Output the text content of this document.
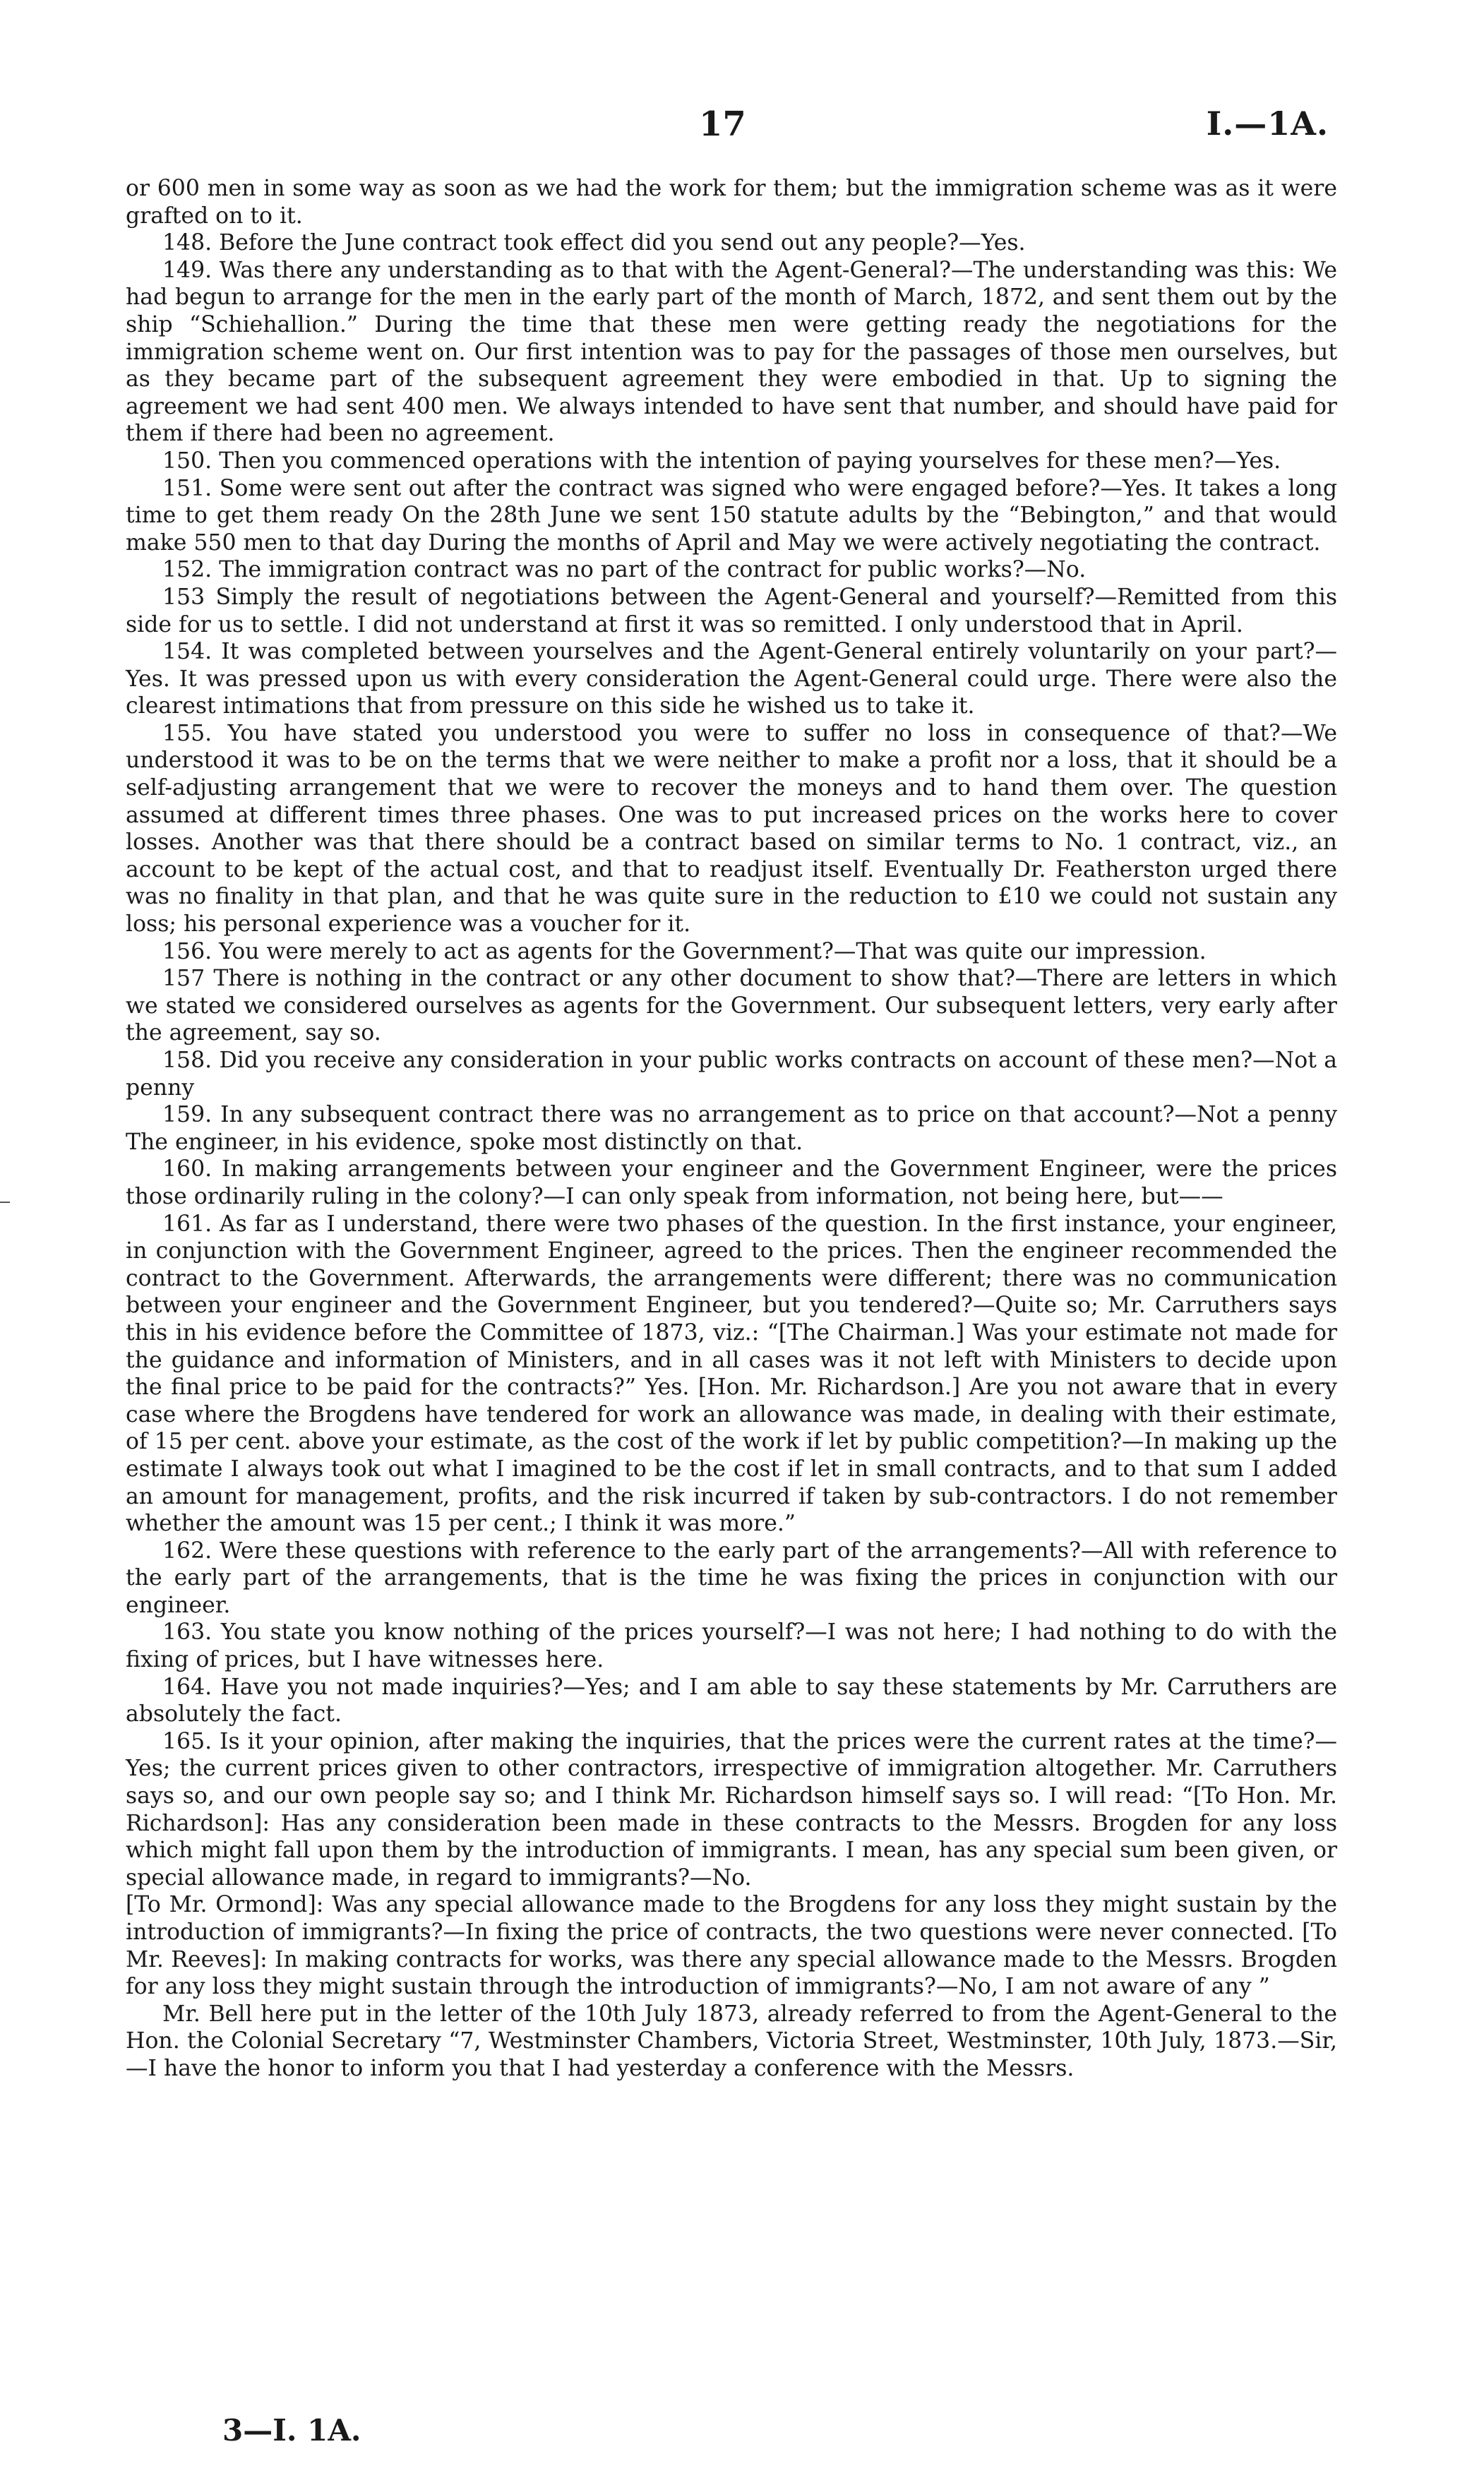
17	I.—1A.

or 600 men in some way as soon as we had the work for them; but the immigration scheme was as it were grafted on to it.

148. Before the June contract took effect did you send out any people?—Yes.

149. Was there any understanding as to that with the Agent-General?—The understanding was this: We had begun to arrange for the men in the early part of the month of March, 1872, and sent them out by the ship “Schiehallion.” During the time that these men were getting ready the negotiations for the immigration scheme went on. Our first intention was to pay for the passages of those men ourselves, but as they became part of the subsequent agreement they were embodied in that. Up to signing the agreement we had sent 400 men. We always intended to have sent that number, and should have paid for them if there had been no agreement.

150. Then you commenced operations with the intention of paying yourselves for these men?—Yes.

151. Some were sent out after the contract was signed who were engaged before?—Yes. It takes a long time to get them ready On the 28th June we sent 150 statute adults by the “Bebington,” and that would make 550 men to that day During the months of April and May we were actively negotiating the contract.

152. The immigration contract was no part of the contract for public works?—No.

153 Simply the result of negotiations between the Agent-General and yourself?—Remitted from this side for us to settle. I did not understand at first it was so remitted. I only understood that in April.

154. It was completed between yourselves and the Agent-General entirely voluntarily on your part?—Yes. It was pressed upon us with every consideration the Agent-General could urge. There were also the clearest intimations that from pressure on this side he wished us to take it.

155. You have stated you understood you were to suffer no loss in consequence of that?—We understood it was to be on the terms that we were neither to make a profit nor a loss, that it should be a self-adjusting arrangement that we were to recover the moneys and to hand them over. The question assumed at different times three phases. One was to put increased prices on the works here to cover losses. Another was that there should be a contract based on similar terms to No. 1 contract, viz., an account to be kept of the actual cost, and that to readjust itself. Eventually Dr. Featherston urged there was no finality in that plan, and that he was quite sure in the reduction to £10 we could not sustain any loss; his personal experience was a voucher for it.

156. You were merely to act as agents for the Government?—That was quite our impression.

157 There is nothing in the contract or any other document to show that?—There are letters in which we stated we considered ourselves as agents for the Government. Our subsequent letters, very early after the agreement, say so.

158. Did you receive any consideration in your public works contracts on account of these men?—Not a penny

159. In any subsequent contract there was no arrangement as to price on that account?—Not a penny The engineer, in his evidence, spoke most distinctly on that.

160. In making arrangements between your engineer and the Government Engineer, were the prices those ordinarily ruling in the colony?—I can only speak from information, not being here, but——

161. As far as I understand, there were two phases of the question. In the first instance, your engineer, in conjunction with the Government Engineer, agreed to the prices. Then the engineer recommended the contract to the Government. Afterwards, the arrangements were different; there was no communication between your engineer and the Government Engineer, but you tendered?—Quite so; Mr. Carruthers says this in his evidence before the Committee of 1873, viz.: “[The Chairman.] Was your estimate not made for the guidance and information of Ministers, and in all cases was it not left with Ministers to decide upon the final price to be paid for the contracts?” Yes. [Hon. Mr. Richardson.] Are you not aware that in every case where the Brogdens have tendered for work an allowance was made, in dealing with their estimate, of 15 per cent. above your estimate, as the cost of the work if let by public competition?—In making up the estimate I always took out what I imagined to be the cost if let in small contracts, and to that sum I added an amount for management, profits, and the risk incurred if taken by sub-contractors. I do not remember whether the amount was 15 per cent.; I think it was more.”

162. Were these questions with reference to the early part of the arrangements?—All with reference to the early part of the arrangements, that is the time he was fixing the prices in conjunction with our engineer.

163. You state you know nothing of the prices yourself?—I was not here; I had nothing to do with the fixing of prices, but I have witnesses here.

164. Have you not made inquiries?—Yes; and I am able to say these statements by Mr. Carruthers are absolutely the fact.

165. Is it your opinion, after making the inquiries, that the prices were the current rates at the time?—Yes; the current prices given to other contractors, irrespective of immigration altogether. Mr. Carruthers says so, and our own people say so; and I think Mr. Richardson himself says so. I will read: “[To Hon. Mr. Richardson]: Has any consideration been made in these contracts to the Messrs. Brogden for any loss which might fall upon them by the introduction of immigrants. I mean, has any special sum been given, or special allowance made, in regard to immigrants?—No.

[To Mr. Ormond]: Was any special allowance made to the Brogdens for any loss they might sustain by the introduction of immigrants?—In fixing the price of contracts, the two questions were never connected. [To Mr. Reeves]: In making contracts for works, was there any special allowance made to the Messrs. Brogden for any loss they might sustain through the introduction of immigrants?—No, I am not aware of any ”

Mr. Bell here put in the letter of the 10th July 1873, already referred to from the Agent-General to the Hon. the Colonial Secretary “7, Westminster Chambers, Victoria Street, Westminster, 10th July, 1873.—Sir,—I have the honor to inform you that I had yesterday a conference with the Messrs.

3—I. 1A.
